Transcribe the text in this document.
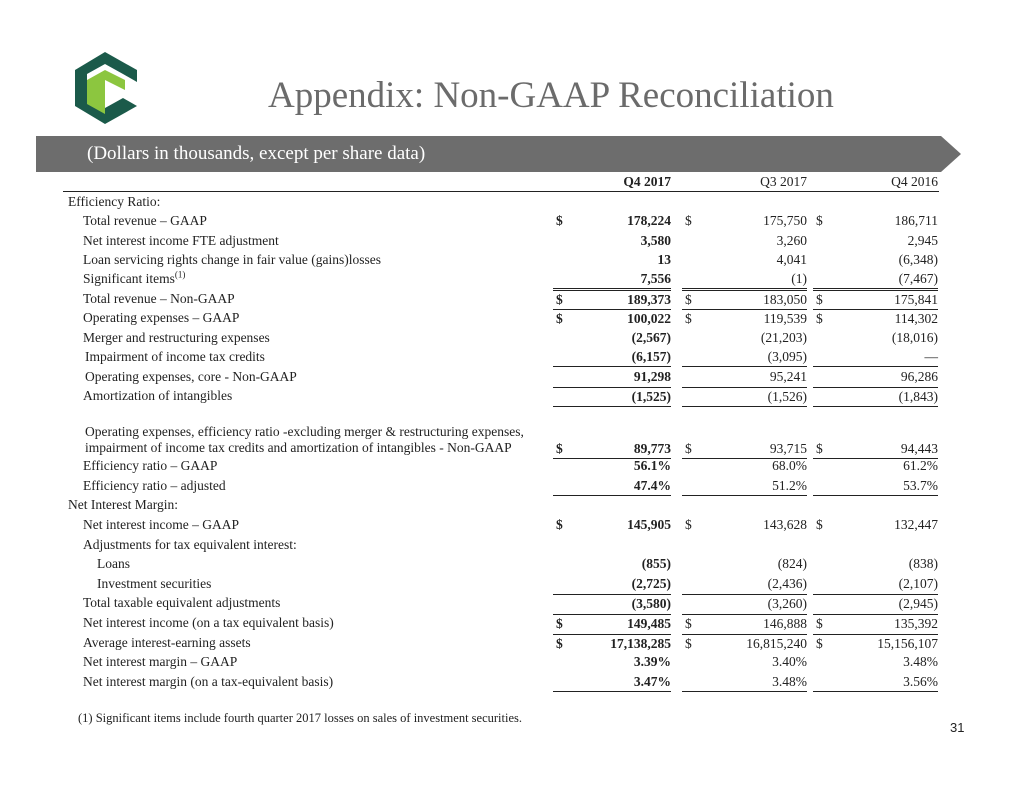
Appendix: Non-GAAP Reconciliation
(Dollars in thousands, except per share data)
Q4 2017	Q3 2017	Q4 2016
Efficiency Ratio:
Total revenue – GAAP	$	178,224 $	175,750 $	186,711
Net interest income FTE adjustment	3,580	3,260	2,945
Loan servicing rights change in fair value (gains)losses	13	4,041	(6,348)
Significant items$^{(1)}$	7,556	(1)	(7,467)
Total revenue – Non-GAAP	$	189,373 $	183,050 $	175,841
Operating expenses – GAAP	$	100,022 $	119,539 $	114,302
Merger and restructuring expenses	(2,567)	(21,203)	(18,016)
Impairment of income tax credits	(6,157)	(3,095)	—
Operating expenses, core - Non-GAAP	91,298	95,241	96,286
Amortization of intangibles	(1,525)	(1,526)	(1,843)
Operating expenses, efficiency ratio -excluding merger & restructuring expenses,
impairment of income tax credits and amortization of intangibles - Non-GAAP	$	89,773 $	93,715 $	94,443
Efficiency ratio – GAAP	56.1%	68.0%	61.2%
Efficiency ratio – adjusted	47.4%	51.2%	53.7%
Net Interest Margin:
Net interest income – GAAP	$	145,905 $	143,628 $	132,447
Adjustments for tax equivalent interest:
Loans	(855)	(824)	(838)
Investment securities	(2,725)	(2,436)	(2,107)
Total taxable equivalent adjustments	(3,580)	(3,260)	(2,945)
Net interest income (on a tax equivalent basis)	$	149,485 $	146,888 $	135,392
Average interest-earning assets	$	17,138,285 $	16,815,240 $	15,156,107
Net interest margin – GAAP	3.39%	3.40%	3.48%
Net interest margin (on a tax-equivalent basis)	3.47%	3.48%	3.56%
(1) Significant items include fourth quarter 2017 losses on sales of investment securities.
31
